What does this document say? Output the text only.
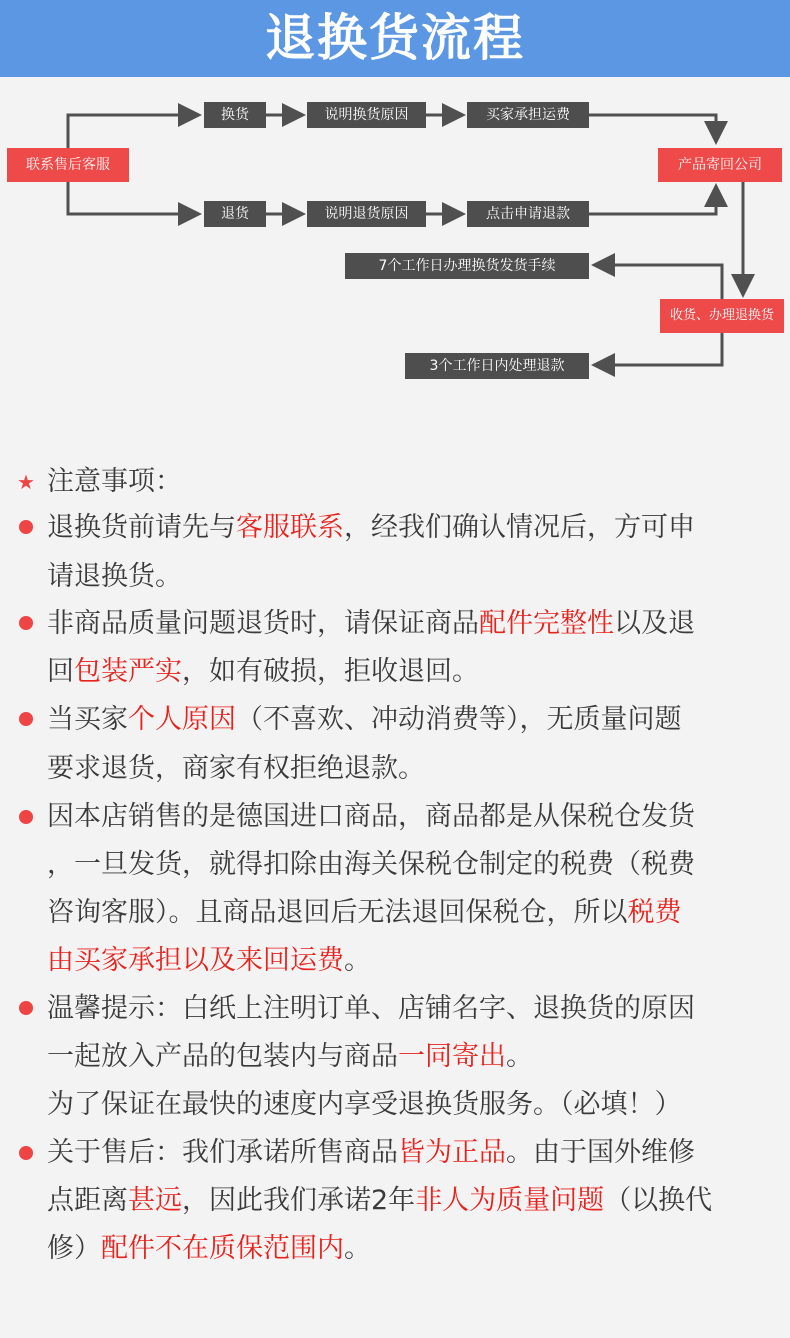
退换货流程
联系售后客服
换货	说明换货原因	买家承担运费
退货	说明退货原因	点击申请退款
产品寄回公司
收货、办理退换货
7个工作日办理换货发货手续
3个工作日内处理退款
★ 注意事项：
退换货前请先与客服联系，经我们确认情况后，方可申
请退换货。
非商品质量问题退货时，请保证商品配件完整性以及退
回包装严实，如有破损，拒收退回。
当买家个人原因（不喜欢、冲动消费等），无质量问题
要求退货，商家有权拒绝退款。
因本店销售的是德国进口商品，商品都是从保税仓发货
，一旦发货，就得扣除由海关保税仓制定的税费（税费
咨询客服）。且商品退回后无法退回保税仓，所以税费
由买家承担以及来回运费。
温馨提示：白纸上注明订单、店铺名字、退换货的原因
一起放入产品的包装内与商品一同寄出。
为了保证在最快的速度内享受退换货服务。（必填！）
关于售后：我们承诺所售商品皆为正品。由于国外维修
点距离甚远，因此我们承诺2年非人为质量问题（以换代
修）配件不在质保范围内。
